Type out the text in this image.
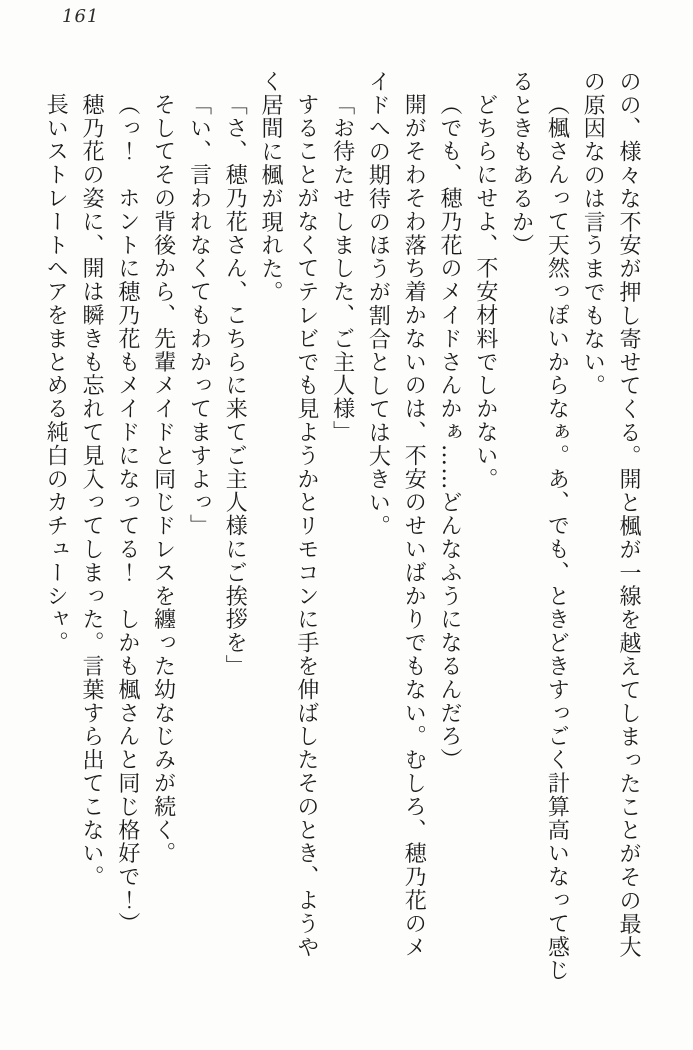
161
のの、様々な不安が押し寄せてくる。開と楓が一線を越えてしまったことがその最大
の原因なのは言うまでもない。
（楓さんって天然っぽいからなぁ。あ、でも、ときどきすっごく計算高いなって感じ
るときもあるか）
どちらにせよ、不安材料でしかない。
（でも、穂乃花のメイドさんかぁ……どんなふうになるんだろ）
開がそわそわ落ち着かないのは、不安のせいばかりでもない。むしろ、穂乃花のメ
イドへの期待のほうが割合としては大きい。
「お待たせしました、ご主人様」
することがなくてテレビでも見ようかとリモコンに手を伸ばしたそのとき、ようや
く居間に楓が現れた。
「さ、穂乃花さん、こちらに来てご主人様にご挨拶を」
「い、言われなくてもわかってますよっ」
そしてその背後から、先輩メイドと同じドレスを纏った幼なじみが続く。
（っ！　ホントに穂乃花もメイドになってる！　しかも楓さんと同じ格好で！）
穂乃花の姿に、開は瞬きも忘れて見入ってしまった。言葉すら出てこない。
長いストレートヘアをまとめる純白のカチューシャ。
